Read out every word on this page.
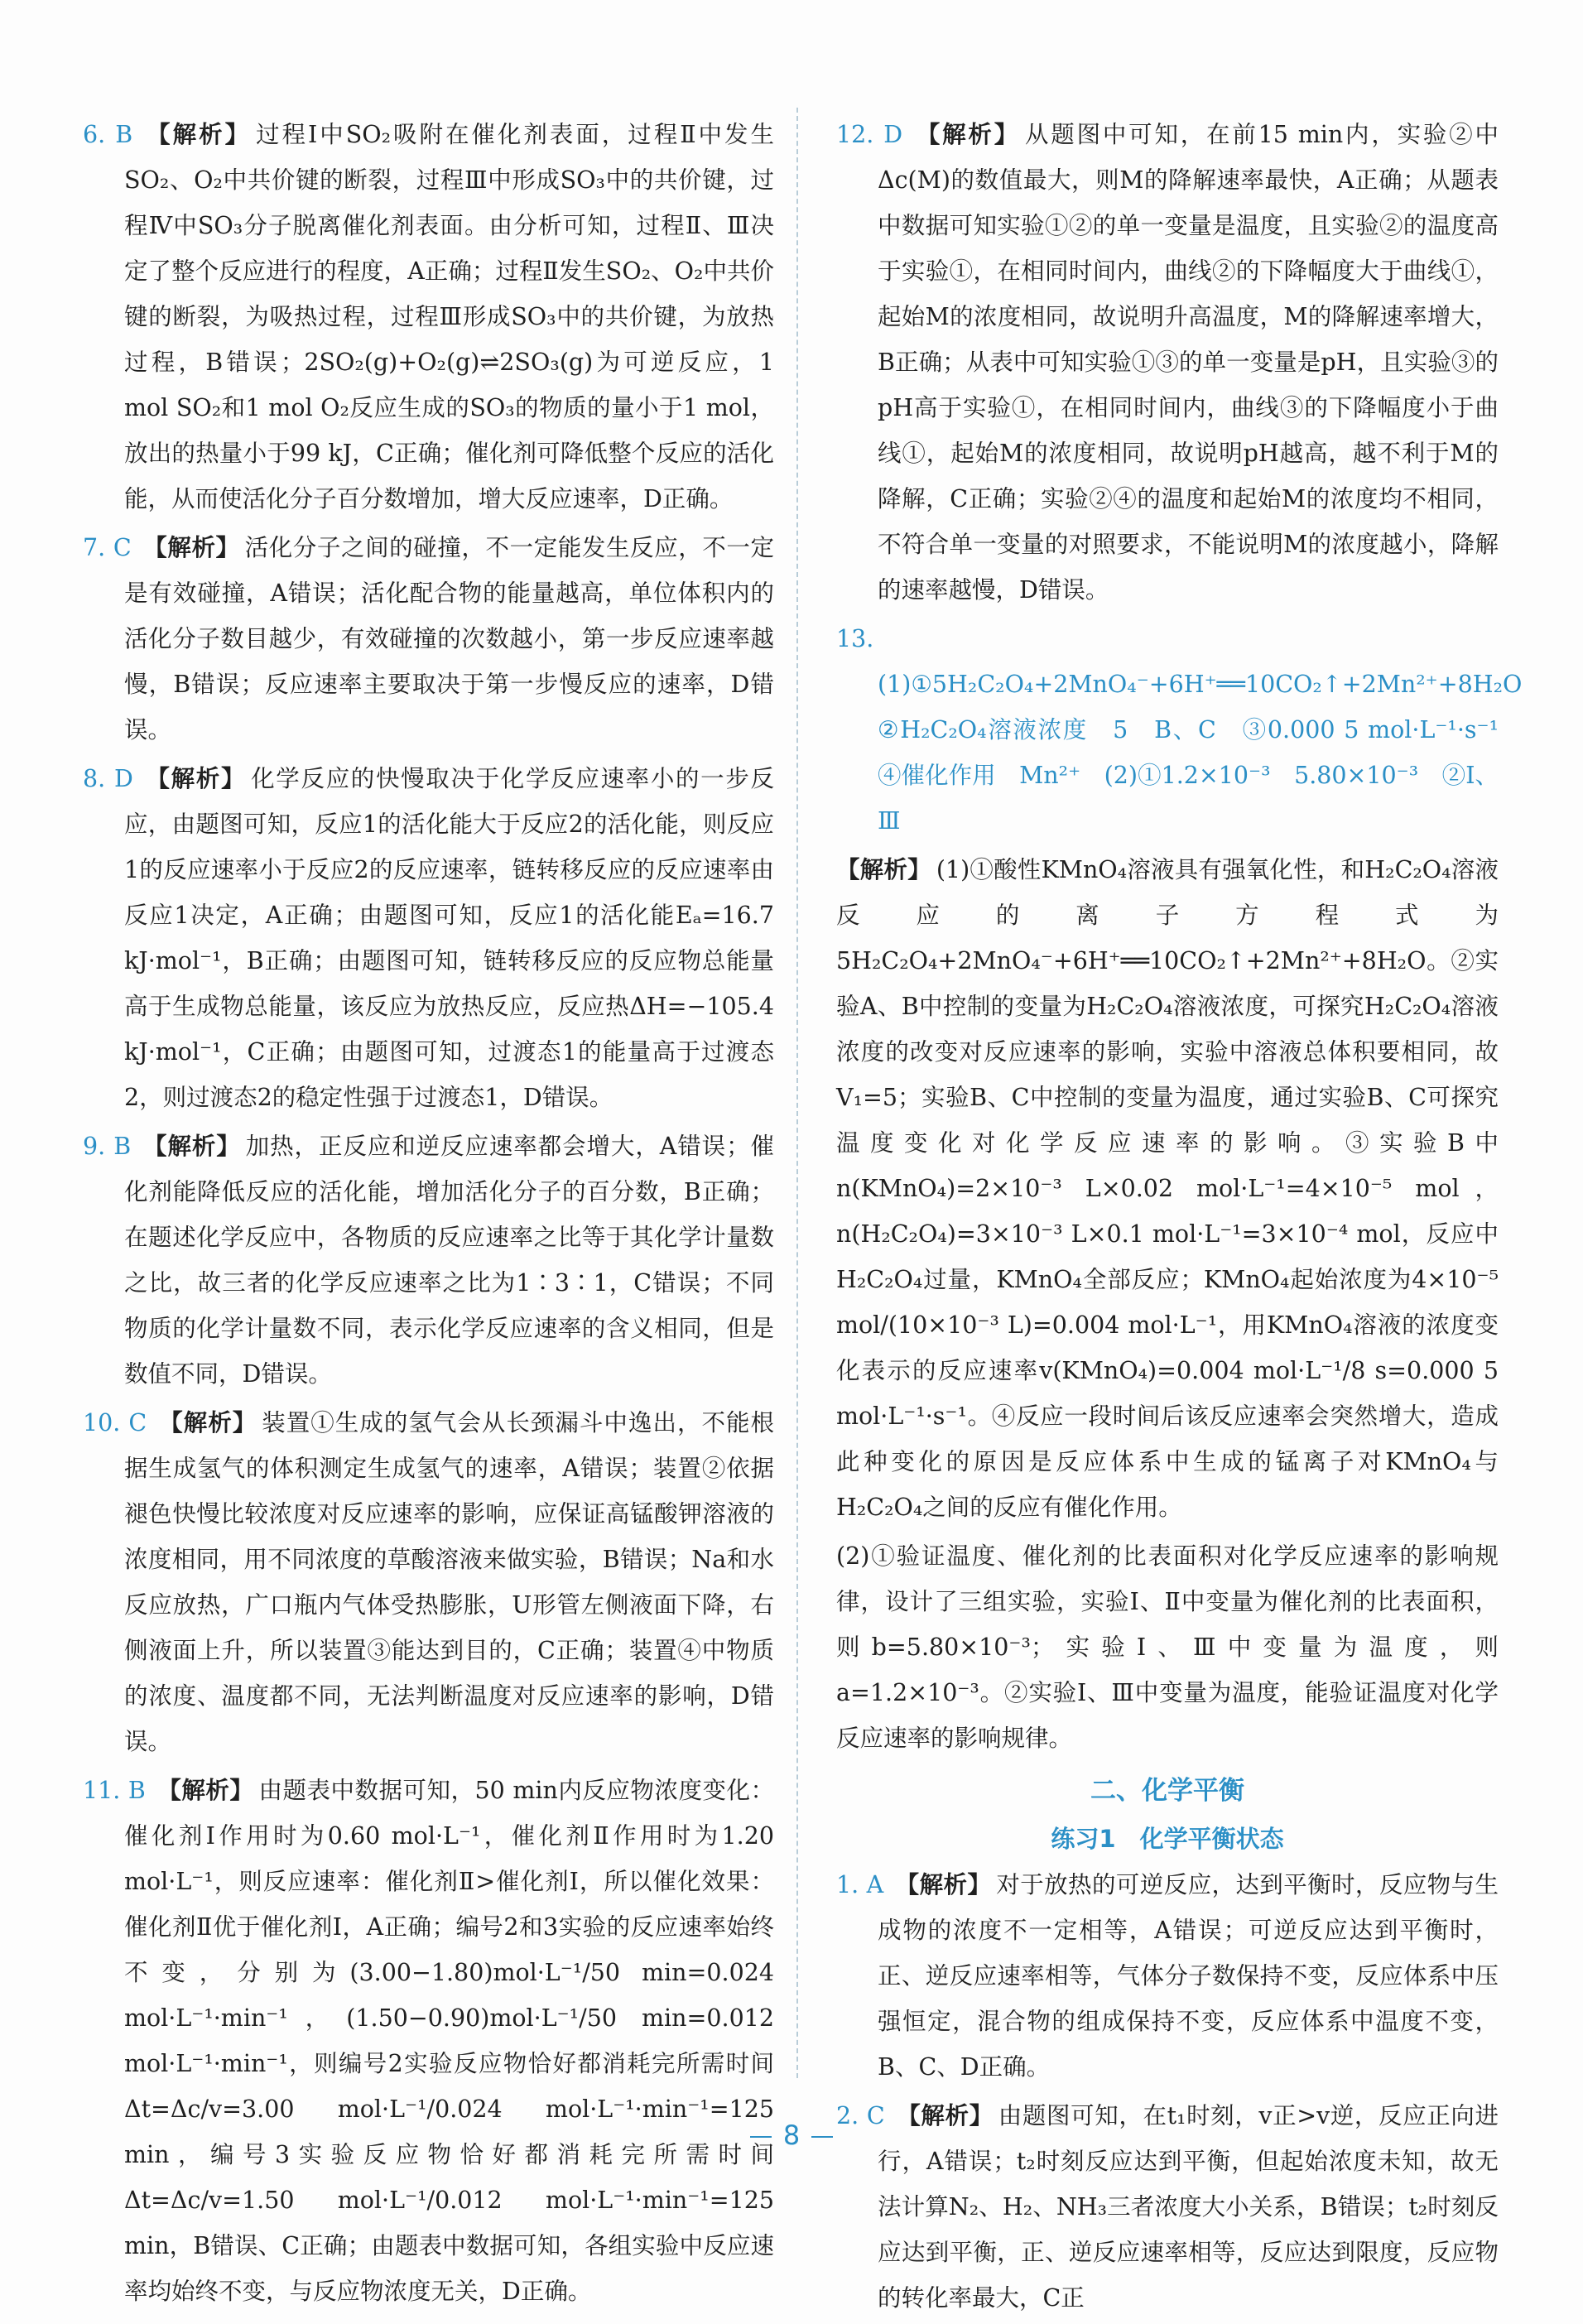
6. B 【解析】 过程Ⅰ中SO₂吸附在催化剂表面，过程Ⅱ中发生SO₂、O₂中共价键的断裂，过程Ⅲ中形成SO₃中的共价键，过程Ⅳ中SO₃分子脱离催化剂表面。由分析可知，过程Ⅱ、Ⅲ决定了整个反应进行的程度，A正确；过程Ⅱ发生SO₂、O₂中共价键的断裂，为吸热过程，过程Ⅲ形成SO₃中的共价键，为放热过程，B错误；2SO₂(g)+O₂(g)⇌2SO₃(g)为可逆反应，1 mol SO₂和1 mol O₂反应生成的SO₃的物质的量小于1 mol，放出的热量小于99 kJ，C正确；催化剂可降低整个反应的活化能，从而使活化分子百分数增加，增大反应速率，D正确。

7. C 【解析】 活化分子之间的碰撞，不一定能发生反应，不一定是有效碰撞，A错误；活化配合物的能量越高，单位体积内的活化分子数目越少，有效碰撞的次数越小，第一步反应速率越慢，B错误；反应速率主要取决于第一步慢反应的速率，D错误。

8. D 【解析】 化学反应的快慢取决于化学反应速率小的一步反应，由题图可知，反应1的活化能大于反应2的活化能，则反应1的反应速率小于反应2的反应速率，链转移反应的反应速率由反应1决定，A正确；由题图可知，反应1的活化能Eₐ=16.7 kJ·mol⁻¹，B正确；由题图可知，链转移反应的反应物总能量高于生成物总能量，该反应为放热反应，反应热ΔH=−105.4 kJ·mol⁻¹，C正确；由题图可知，过渡态1的能量高于过渡态2，则过渡态2的稳定性强于过渡态1，D错误。

9. B 【解析】 加热，正反应和逆反应速率都会增大，A错误；催化剂能降低反应的活化能，增加活化分子的百分数，B正确；在题述化学反应中，各物质的反应速率之比等于其化学计量数之比，故三者的化学反应速率之比为1∶3∶1，C错误；不同物质的化学计量数不同，表示化学反应速率的含义相同，但是数值不同，D错误。

10. C 【解析】 装置①生成的氢气会从长颈漏斗中逸出，不能根据生成氢气的体积测定生成氢气的速率，A错误；装置②依据褪色快慢比较浓度对反应速率的影响，应保证高锰酸钾溶液的浓度相同，用不同浓度的草酸溶液来做实验，B错误；Na和水反应放热，广口瓶内气体受热膨胀，U形管左侧液面下降，右侧液面上升，所以装置③能达到目的，C正确；装置④中物质的浓度、温度都不同，无法判断温度对反应速率的影响，D错误。

11. B 【解析】 由题表中数据可知，50 min内反应物浓度变化：催化剂Ⅰ作用时为0.60 mol·L⁻¹，催化剂Ⅱ作用时为1.20 mol·L⁻¹，则反应速率：催化剂Ⅱ>催化剂Ⅰ，所以催化效果：催化剂Ⅱ优于催化剂Ⅰ，A正确；编号2和3实验的反应速率始终不变，分别为(3.00−1.80)mol·L⁻¹/50 min=0.024 mol·L⁻¹·min⁻¹，(1.50−0.90)mol·L⁻¹/50 min=0.012 mol·L⁻¹·min⁻¹，则编号2实验反应物恰好都消耗完所需时间Δt=Δc/v=3.00 mol·L⁻¹/0.024 mol·L⁻¹·min⁻¹=125 min，编号3实验反应物恰好都消耗完所需时间Δt=Δc/v=1.50 mol·L⁻¹/0.012 mol·L⁻¹·min⁻¹=125 min，B错误、C正确；由题表中数据可知，各组实验中反应速率均始终不变，与反应物浓度无关，D正确。

12. D 【解析】 从题图中可知，在前15 min内，实验②中Δc(M)的数值最大，则M的降解速率最快，A正确；从题表中数据可知实验①②的单一变量是温度，且实验②的温度高于实验①，在相同时间内，曲线②的下降幅度大于曲线①，起始M的浓度相同，故说明升高温度，M的降解速率增大，B正确；从表中可知实验①③的单一变量是pH，且实验③的pH高于实验①，在相同时间内，曲线③的下降幅度小于曲线①，起始M的浓度相同，故说明pH越高，越不利于M的降解，C正确；实验②④的温度和起始M的浓度均不相同，不符合单一变量的对照要求，不能说明M的浓度越小，降解的速率越慢，D错误。

13. (1)①5H₂C₂O₄+2MnO₄⁻+6H⁺══10CO₂↑+2Mn²⁺+8H₂O　②H₂C₂O₄溶液浓度　5　B、C　③0.000 5 mol·L⁻¹·s⁻¹　④催化作用　Mn²⁺　(2)①1.2×10⁻³　5.80×10⁻³　②Ⅰ、Ⅲ

【解析】 (1)①酸性KMnO₄溶液具有强氧化性，和H₂C₂O₄溶液反应的离子方程式为5H₂C₂O₄+2MnO₄⁻+6H⁺══10CO₂↑+2Mn²⁺+8H₂O。②实验A、B中控制的变量为H₂C₂O₄溶液浓度，可探究H₂C₂O₄溶液浓度的改变对反应速率的影响，实验中溶液总体积要相同，故V₁=5；实验B、C中控制的变量为温度，通过实验B、C可探究温度变化对化学反应速率的影响。③实验B中n(KMnO₄)=2×10⁻³ L×0.02 mol·L⁻¹=4×10⁻⁵ mol，n(H₂C₂O₄)=3×10⁻³ L×0.1 mol·L⁻¹=3×10⁻⁴ mol，反应中H₂C₂O₄过量，KMnO₄全部反应；KMnO₄起始浓度为4×10⁻⁵ mol/(10×10⁻³ L)=0.004 mol·L⁻¹，用KMnO₄溶液的浓度变化表示的反应速率v(KMnO₄)=0.004 mol·L⁻¹/8 s=0.000 5 mol·L⁻¹·s⁻¹。④反应一段时间后该反应速率会突然增大，造成此种变化的原因是反应体系中生成的锰离子对KMnO₄与H₂C₂O₄之间的反应有催化作用。

(2)①验证温度、催化剂的比表面积对化学反应速率的影响规律，设计了三组实验，实验Ⅰ、Ⅱ中变量为催化剂的比表面积，则b=5.80×10⁻³；实验Ⅰ、Ⅲ中变量为温度，则a=1.2×10⁻³。②实验Ⅰ、Ⅲ中变量为温度，能验证温度对化学反应速率的影响规律。

二、化学平衡
练习1　化学平衡状态

1. A 【解析】 对于放热的可逆反应，达到平衡时，反应物与生成物的浓度不一定相等，A错误；可逆反应达到平衡时，正、逆反应速率相等，气体分子数保持不变，反应体系中压强恒定，混合物的组成保持不变，反应体系中温度不变，B、C、D正确。

2. C 【解析】 由题图可知，在t₁时刻，v正>v逆，反应正向进行，A错误；t₂时刻反应达到平衡，但起始浓度未知，故无法计算N₂、H₂、NH₃三者浓度大小关系，B错误；t₂时刻反应达到平衡，正、逆反应速率相等，反应达到限度，反应物的转化率最大，C正

8
